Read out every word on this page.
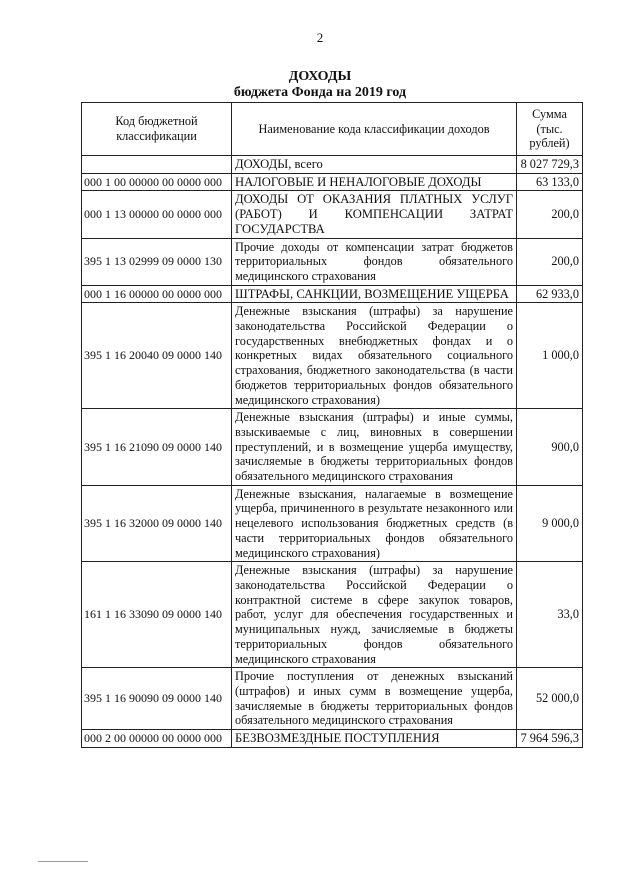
2
ДОХОДЫ
бюджета Фонда на 2019 год
Код бюджетной классификации	Наименование кода классификации доходов	Сумма (тыс. рублей)
	ДОХОДЫ, всего	8 027 729,3
000 1 00 00000 00 0000 000	НАЛОГОВЫЕ И НЕНАЛОГОВЫЕ ДОХОДЫ	63 133,0
000 1 13 00000 00 0000 000	ДОХОДЫ ОТ ОКАЗАНИЯ ПЛАТНЫХ УСЛУГ (РАБОТ) И КОМПЕНСАЦИИ ЗАТРАТ ГОСУДАРСТВА	200,0
395 1 13 02999 09 0000 130	Прочие доходы от компенсации затрат бюджетов территориальных фондов обязательного медицинского страхования	200,0
000 1 16 00000 00 0000 000	ШТРАФЫ, САНКЦИИ, ВОЗМЕЩЕНИЕ УЩЕРБА	62 933,0
395 1 16 20040 09 0000 140	Денежные взыскания (штрафы) за нарушение законодательства Российской Федерации о государственных внебюджетных фондах и о конкретных видах обязательного социального страхования, бюджетного законодательства (в части бюджетов территориальных фондов обязательного медицинского страхования)	1 000,0
395 1 16 21090 09 0000 140	Денежные взыскания (штрафы) и иные суммы, взыскиваемые с лиц, виновных в совершении преступлений, и в возмещение ущерба имуществу, зачисляемые в бюджеты территориальных фондов обязательного медицинского страхования	900,0
395 1 16 32000 09 0000 140	Денежные взыскания, налагаемые в возмещение ущерба, причиненного в результате незаконного или нецелевого использования бюджетных средств (в части территориальных фондов обязательного медицинского страхования)	9 000,0
161 1 16 33090 09 0000 140	Денежные взыскания (штрафы) за нарушение законодательства Российской Федерации о контрактной системе в сфере закупок товаров, работ, услуг для обеспечения государственных и муниципальных нужд, зачисляемые в бюджеты территориальных фондов обязательного медицинского страхования	33,0
395 1 16 90090 09 0000 140	Прочие поступления от денежных взысканий (штрафов) и иных сумм в возмещение ущерба, зачисляемые в бюджеты территориальных фондов обязательного медицинского страхования	52 000,0
000 2 00 00000 00 0000 000	БЕЗВОЗМЕЗДНЫЕ ПОСТУПЛЕНИЯ	7 964 596,3
